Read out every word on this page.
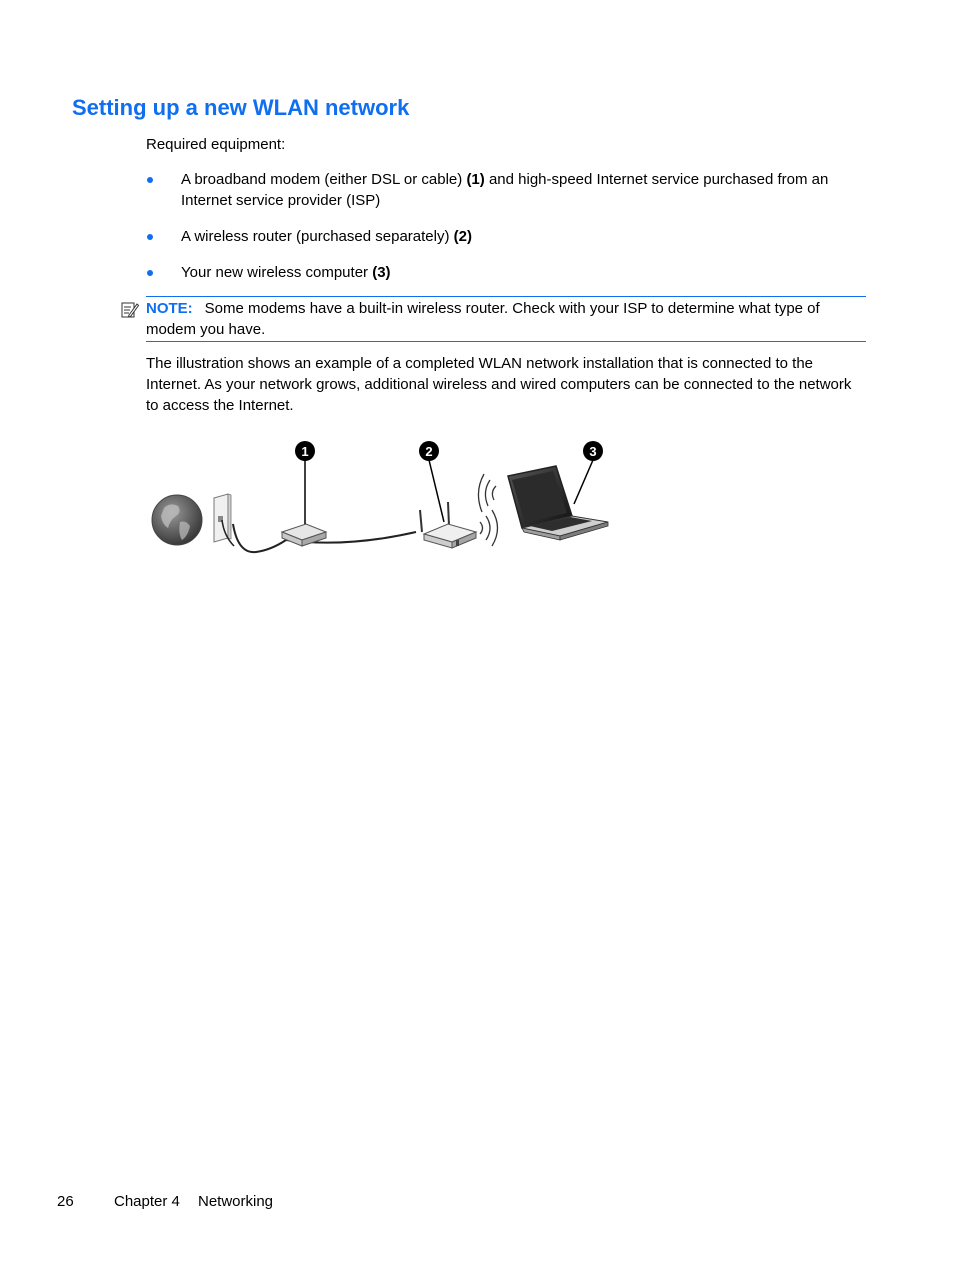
Setting up a new WLAN network
Required equipment:
A broadband modem (either DSL or cable) (1) and high-speed Internet service purchased from an Internet service provider (ISP)
A wireless router (purchased separately) (2)
Your new wireless computer (3)
NOTE: Some modems have a built-in wireless router. Check with your ISP to determine what type of modem you have.

The illustration shows an example of a completed WLAN network installation that is connected to the Internet. As your network grows, additional wireless and wired computers can be connected to the network to access the Internet.

1	2	3
26	Chapter 4 Networking
